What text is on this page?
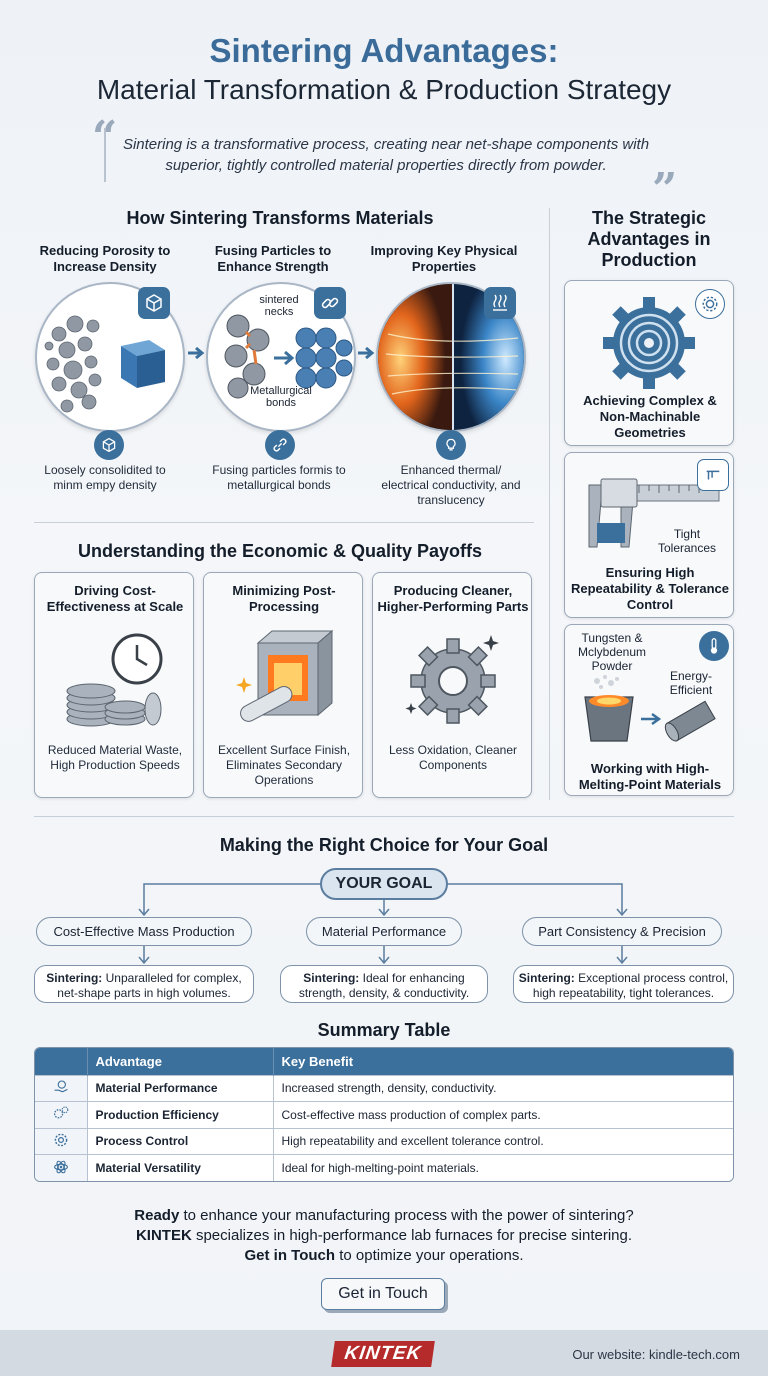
Sintering Advantages:
Material Transformation & Production Strategy
“
”
Sintering is a transformative process, creating near net-shape components with superior, tightly controlled material properties directly from powder.
How Sintering Transforms Materials
Reducing Porosity to Increase Density
Fusing Particles to Enhance Strength
Improving Key Physical Properties
sintered necks
Metallurgical bonds
Loosely consolidited to minm empy density
Fusing particles formis to metallurgical bonds
Enhanced thermal/ electrical conductivity, and translucency
The Strategic Advantages in Production
Achieving Complex & Non-Machinable Geometries
Tight Tolerances
Ensuring High Repeatability & Tolerance Control
Tungsten & Mclybdenum Powder
Energy-Efficient
Working with High-Melting-Point Materials
Understanding the Economic & Quality Payoffs
Driving Cost-Effectiveness at Scale
Reduced Material Waste, High Production Speeds
Minimizing Post-Processing
Excellent Surface Finish, Eliminates Secondary Operations
Producing Cleaner, Higher-Performing Parts
Less Oxidation, Cleaner Components
Making the Right Choice for Your Goal
YOUR GOAL
Cost-Effective Mass Production	Material Performance	Part Consistency & Precision
Sintering: Unparalleled for complex, net-shape parts in high volumes.
Sintering: Ideal for enhancing strength, density, & conductivity.
Sintering: Exceptional process control, high repeatability, tight tolerances.
Summary Table
	Advantage	Key Benefit
	Material Performance	Increased strength, density, conductivity.
	Production Efficiency	Cost-effective mass production of complex parts.
	Process Control	High repeatability and excellent tolerance control.
	Material Versatility	Ideal for high-melting-point materials.
Ready to enhance your manufacturing process with the power of sintering?
KINTEK specializes in high-performance lab furnaces for precise sintering.
Get in Touch to optimize your operations.
Get in Touch
KINTEK	Our website: kindle-tech.com
